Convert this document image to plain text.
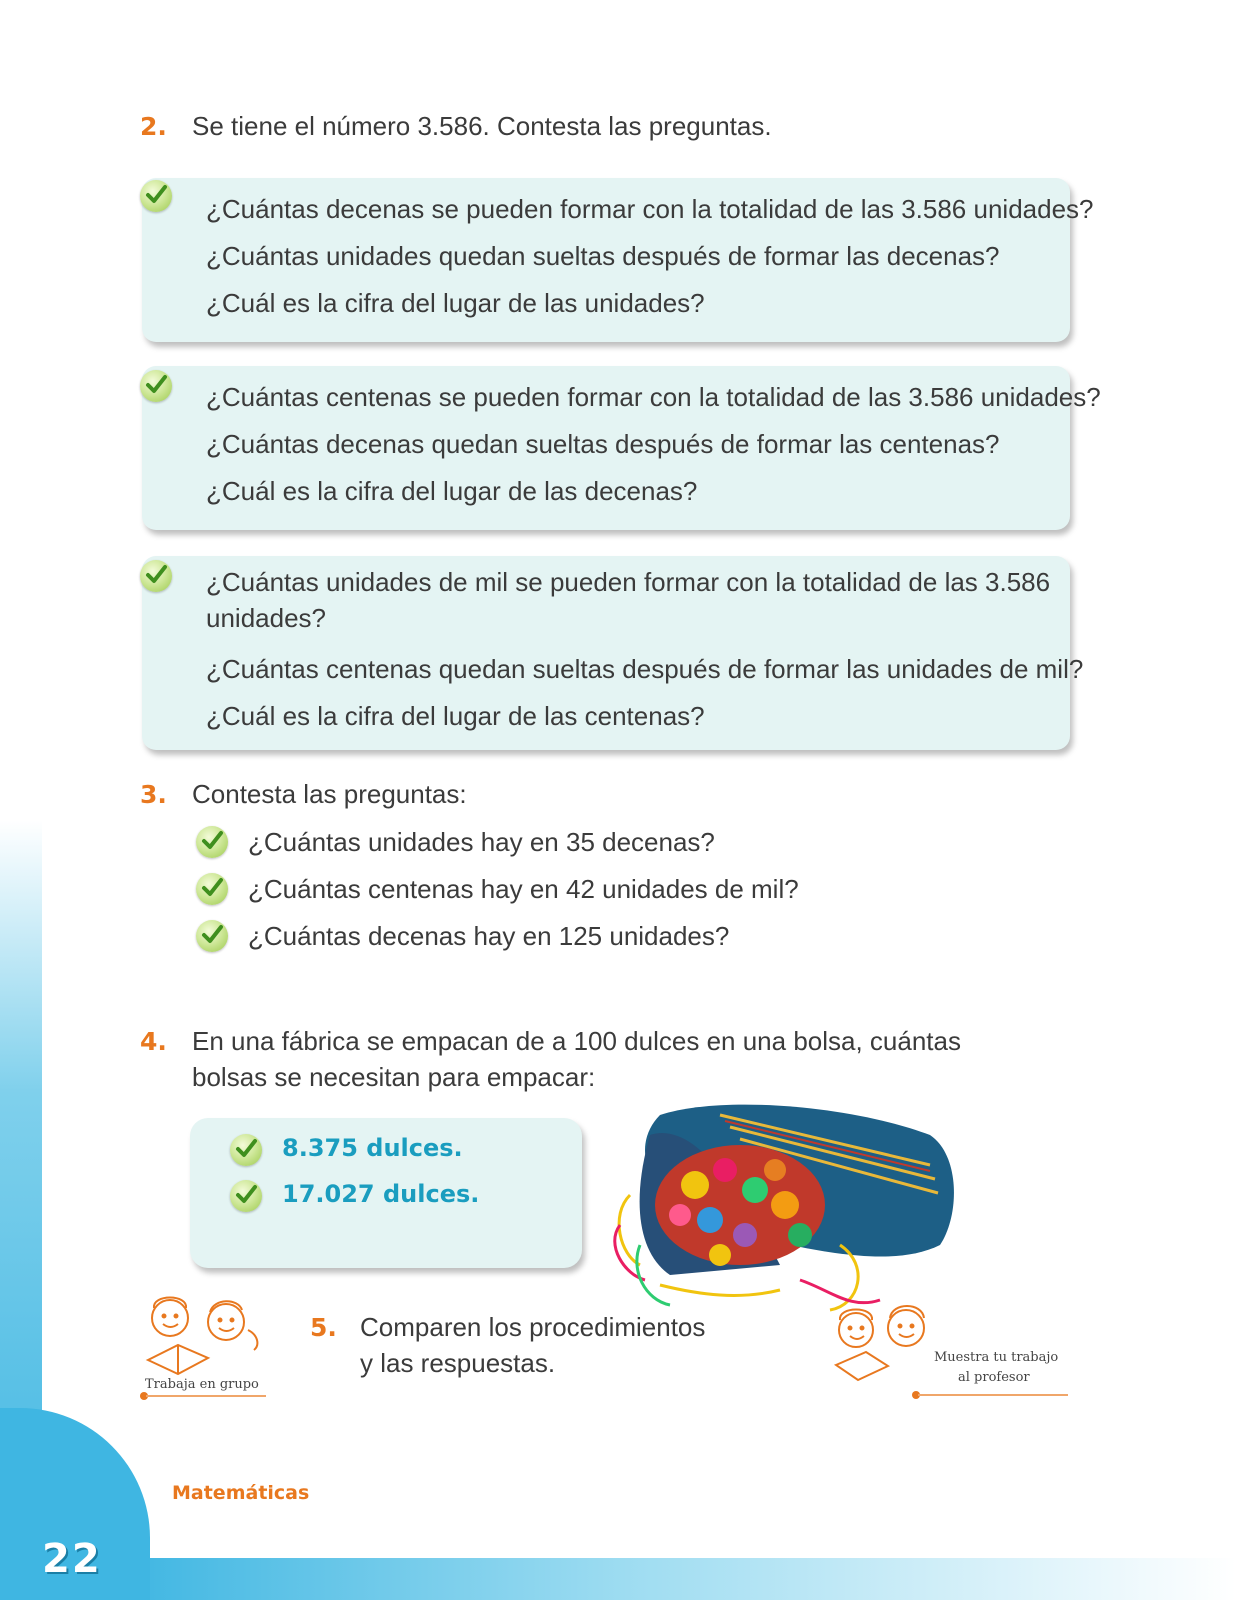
22
Matemáticas
2. Se tiene el número 3.586. Contesta las preguntas.
¿Cuántas decenas se pueden formar con la totalidad de las 3.586 unidades?
¿Cuántas unidades quedan sueltas después de formar las decenas?
¿Cuál es la cifra del lugar de las unidades?
¿Cuántas centenas se pueden formar con la totalidad de las 3.586 unidades?
¿Cuántas decenas quedan sueltas después de formar las centenas?
¿Cuál es la cifra del lugar de las decenas?
¿Cuántas unidades de mil se pueden formar con la totalidad de las 3.586 unidades?
¿Cuántas centenas quedan sueltas después de formar las unidades de mil?
¿Cuál es la cifra del lugar de las centenas?
3. Contesta las preguntas:
¿Cuántas unidades hay en 35 decenas?
¿Cuántas centenas hay en 42 unidades de mil?
¿Cuántas decenas hay en 125 unidades?
4. En una fábrica se empacan de a 100 dulces en una bolsa, cuántas
bolsas se necesitan para empacar:
8.375 dulces.
17.027 dulces.
Trabaja en grupo
5. Comparen los procedimientos
y las respuestas.	Muestra tu trabajo
al profesor
